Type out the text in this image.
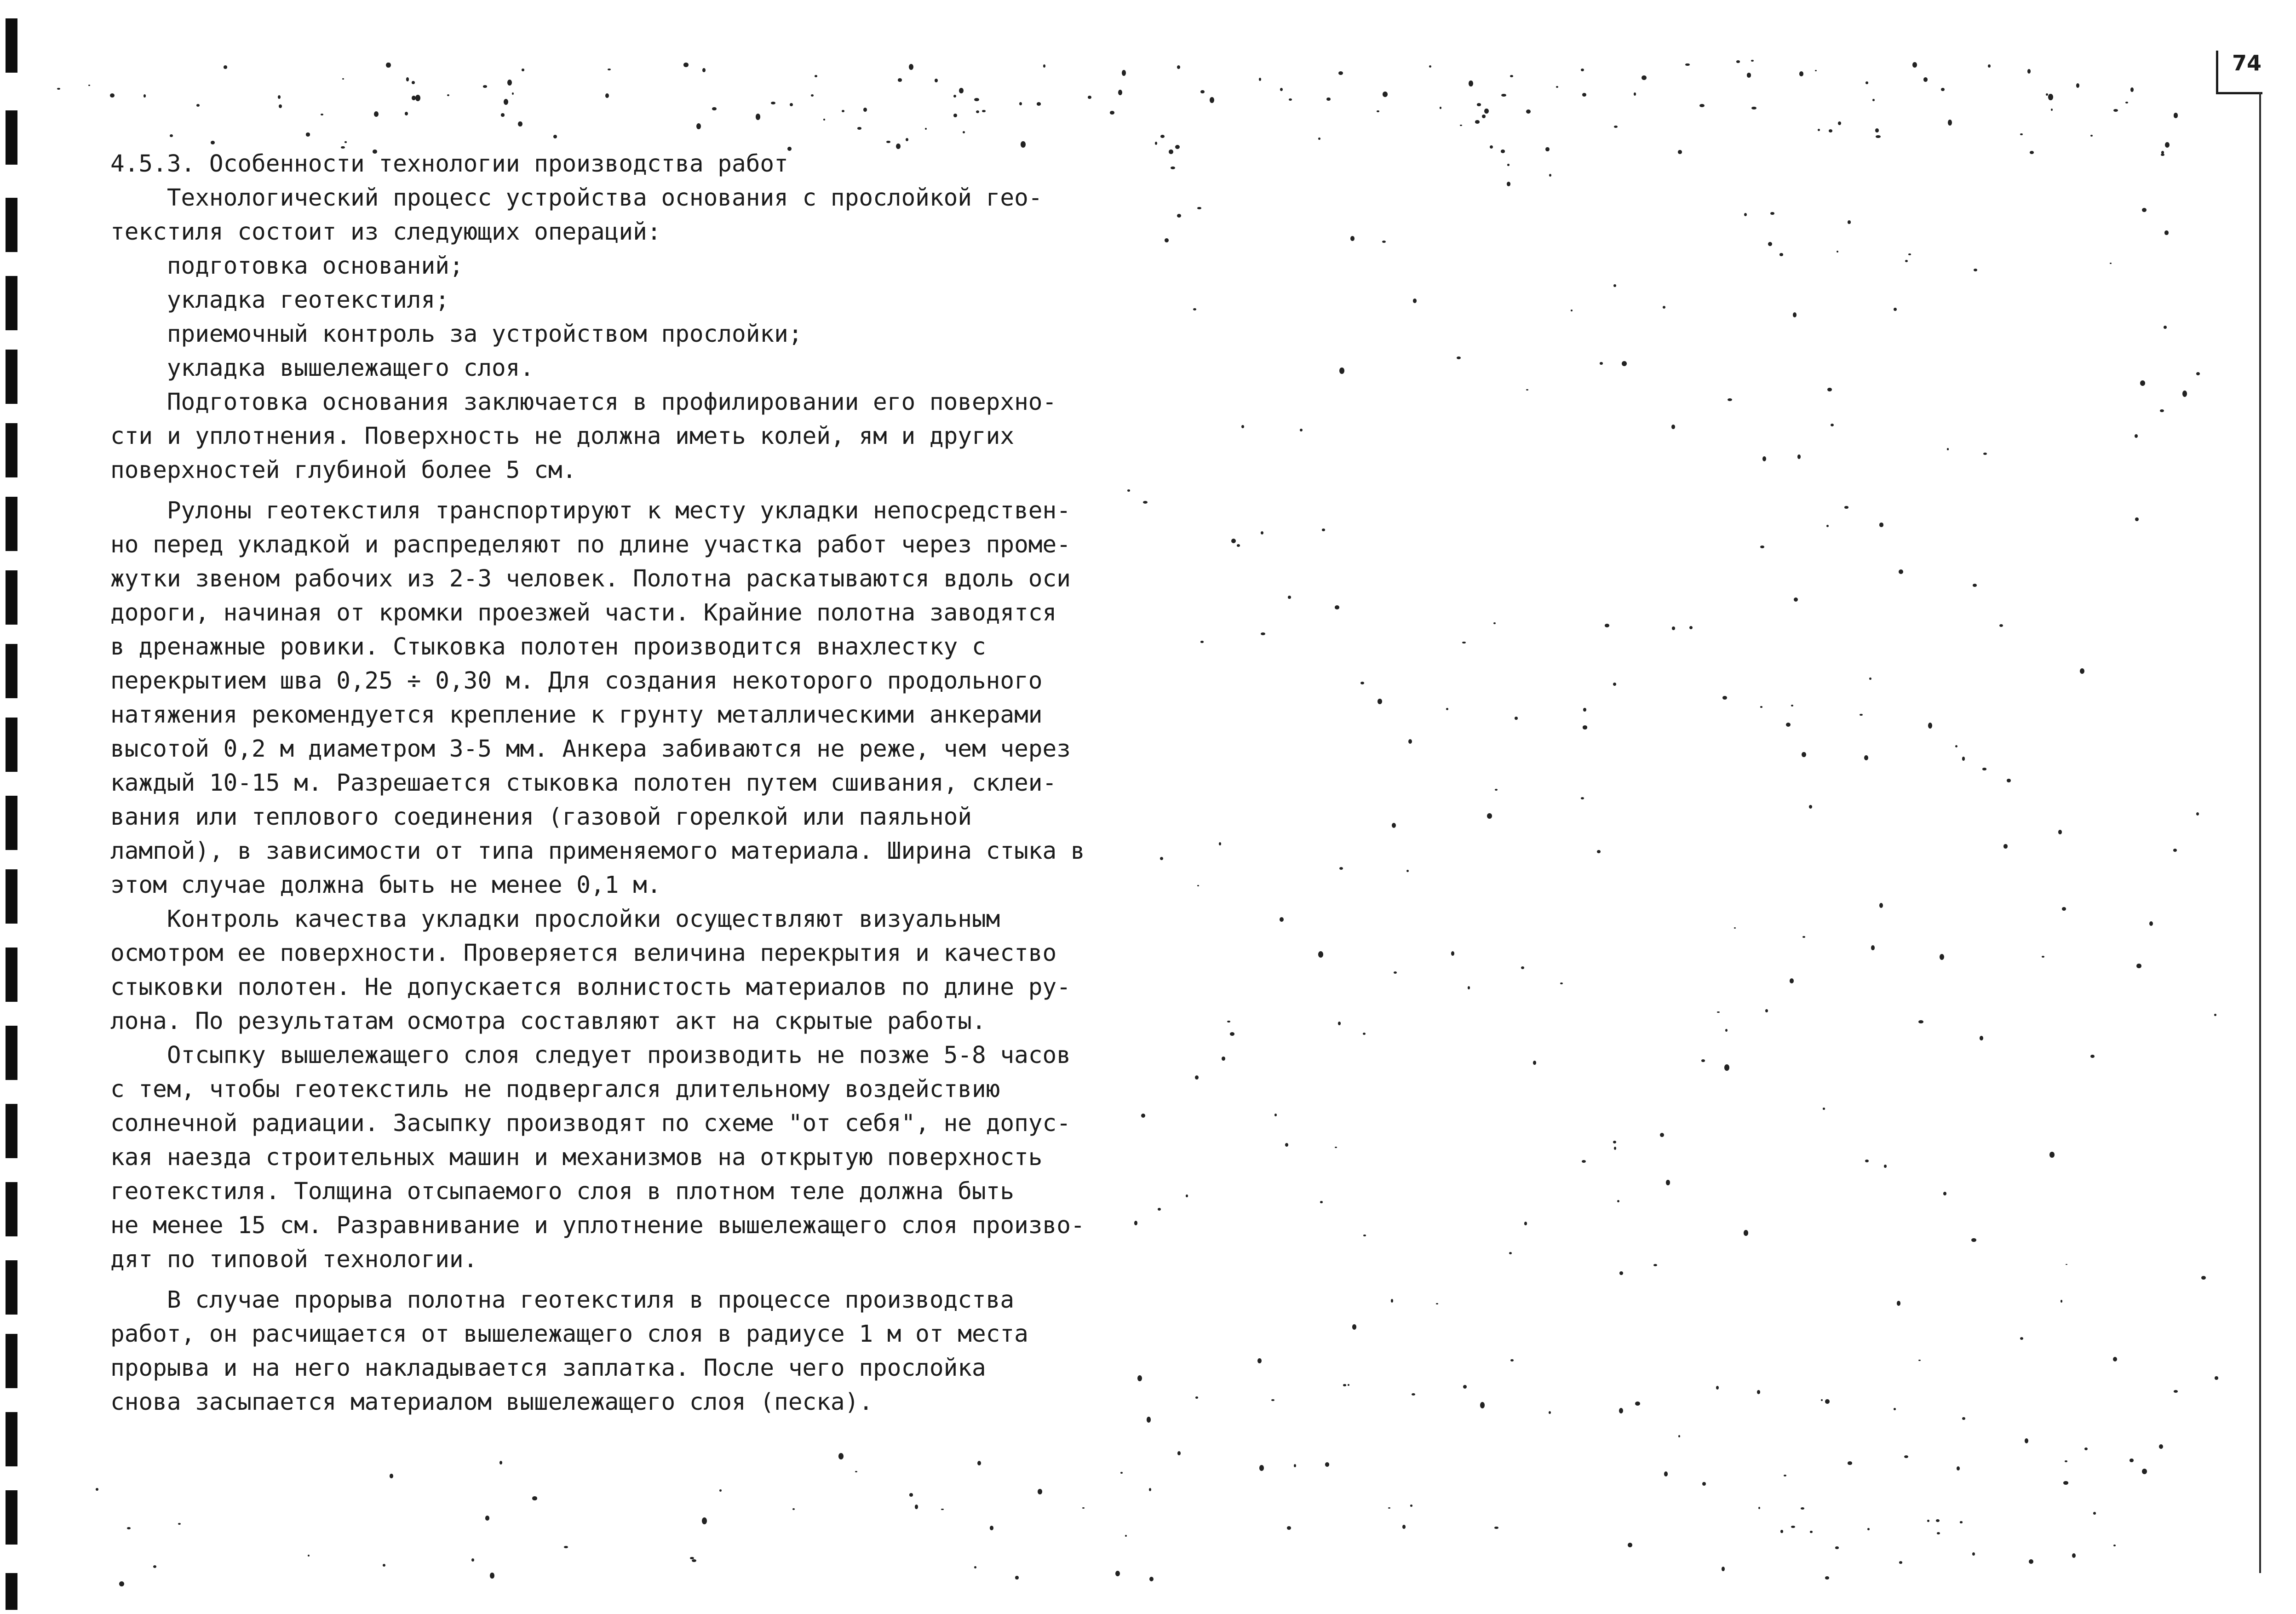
74
4.5.3. Особенности технологии производства работ
Технологический процесс устройства основания с прослойкой гео-
текстиля состоит из следующих операций:
подготовка оснований;
укладка геотекстиля;
приемочный контроль за устройством прослойки;
укладка вышележащего слоя.
Подготовка основания заключается в профилировании его поверхно-
сти и уплотнения. Поверхность не должна иметь колей, ям и других
поверхностей глубиной более 5 см.
Рулоны геотекстиля транспортируют к месту укладки непосредствен-
но перед укладкой и распределяют по длине участка работ через проме-
жутки звеном рабочих из 2-3 человек. Полотна раскатываются вдоль оси
дороги, начиная от кромки проезжей части. Крайние полотна заводятся
в дренажные ровики. Стыковка полотен производится внахлестку с
перекрытием шва 0,25 ÷ 0,30 м. Для создания некоторого продольного
натяжения рекомендуется крепление к грунту металлическими анкерами
высотой 0,2 м диаметром 3-5 мм. Анкера забиваются не реже, чем через
каждый 10-15 м. Разрешается стыковка полотен путем сшивания, склеи-
вания или теплового соединения (газовой горелкой или паяльной
лампой), в зависимости от типа применяемого материала. Ширина стыка в
этом случае должна быть не менее 0,1 м.
Контроль качества укладки прослойки осуществляют визуальным
осмотром ее поверхности. Проверяется величина перекрытия и качество
стыковки полотен. Не допускается волнистость материалов по длине ру-
лона. По результатам осмотра составляют акт на скрытые работы.
Отсыпку вышележащего слоя следует производить не позже 5-8 часов
с тем, чтобы геотекстиль не подвергался длительному воздействию
солнечной радиации. Засыпку производят по схеме "от себя", не допус-
кая наезда строительных машин и механизмов на открытую поверхность
геотекстиля. Толщина отсыпаемого слоя в плотном теле должна быть
не менее 15 см. Разравнивание и уплотнение вышележащего слоя произво-
дят по типовой технологии.
В случае прорыва полотна геотекстиля в процессе производства
работ, он расчищается от вышележащего слоя в радиусе 1 м от места
прорыва и на него накладывается заплатка. После чего прослойка
снова засыпается материалом вышележащего слоя (песка).
